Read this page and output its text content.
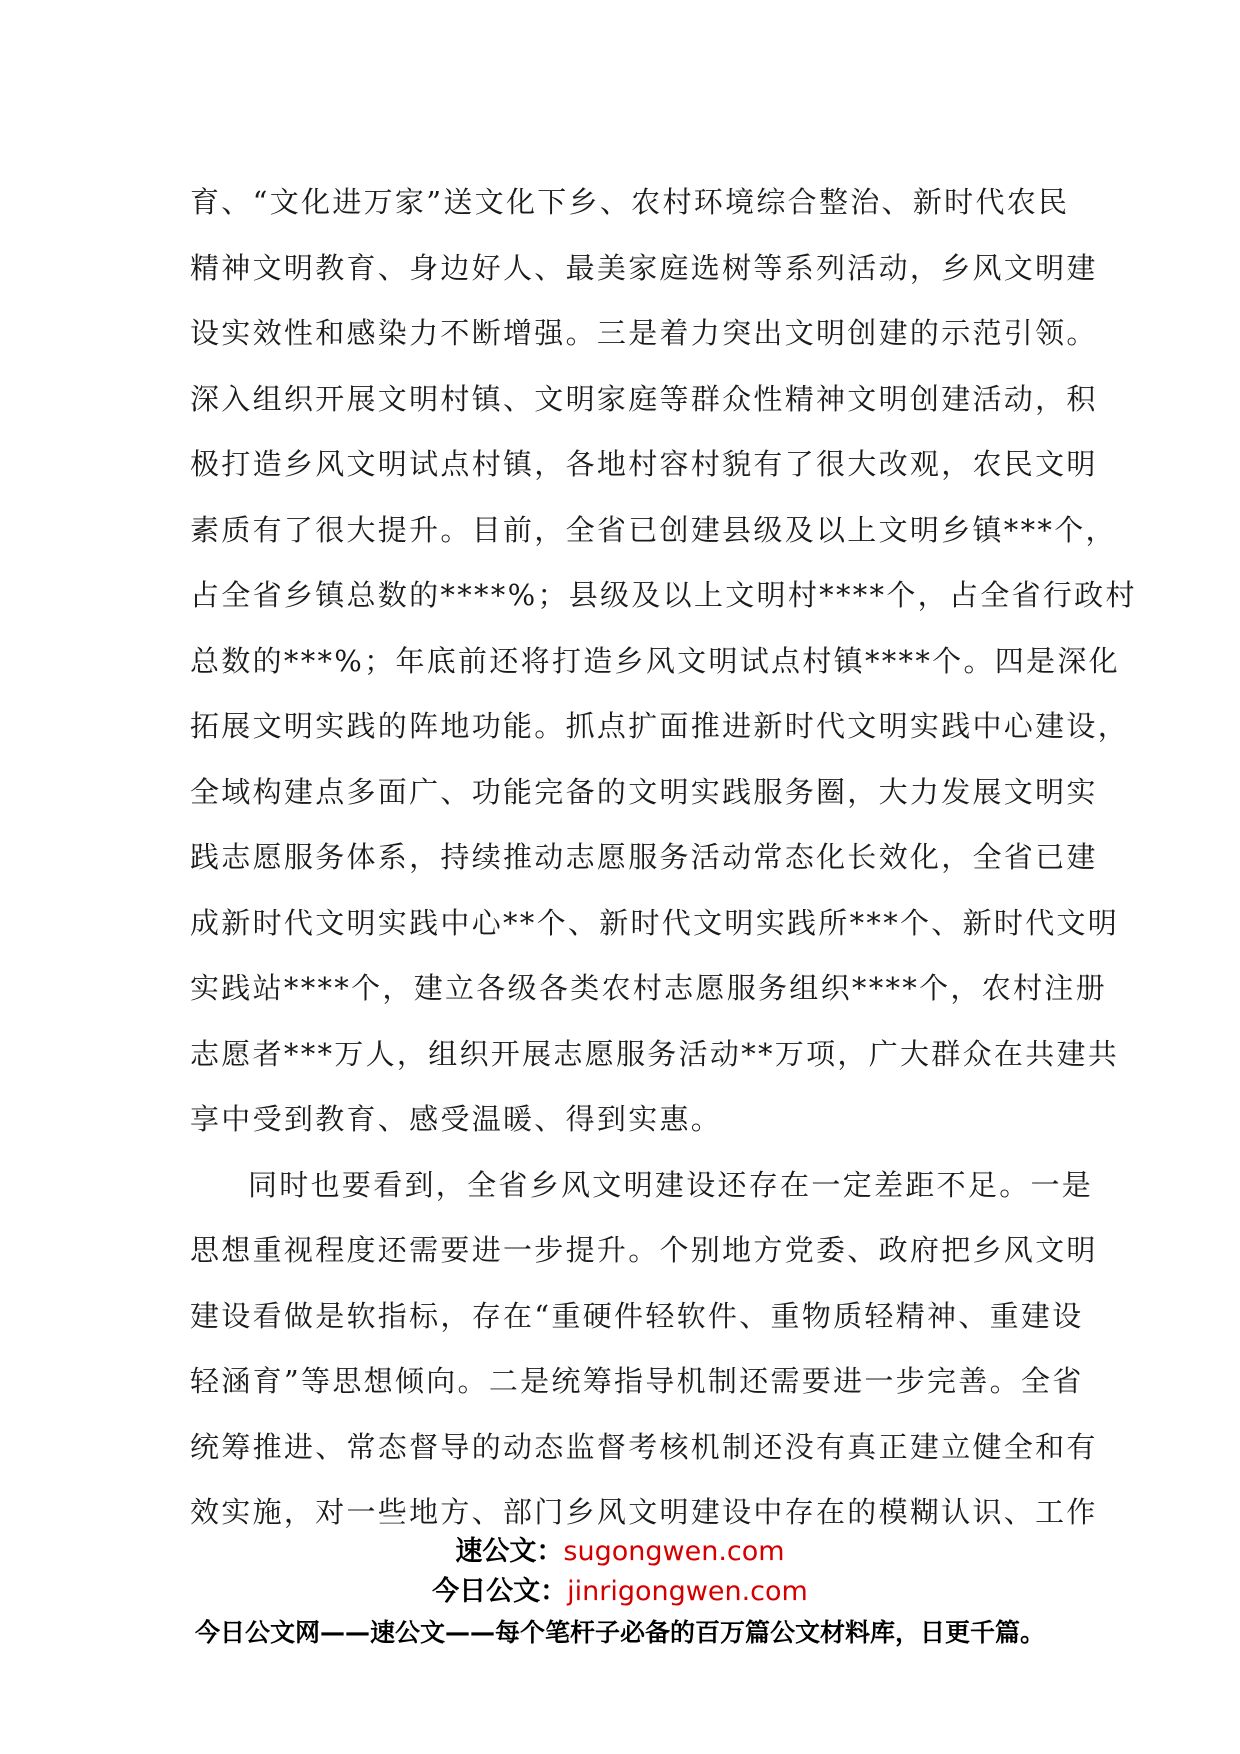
育、“文化进万家”送文化下乡、农村环境综合整治、新时代农民
精神文明教育、身边好人、最美家庭选树等系列活动，乡风文明建
设实效性和感染力不断增强。三是着力突出文明创建的示范引领。
深入组织开展文明村镇、文明家庭等群众性精神文明创建活动，积
极打造乡风文明试点村镇，各地村容村貌有了很大改观，农民文明
素质有了很大提升。目前，全省已创建县级及以上文明乡镇***个，
占全省乡镇总数的****%；县级及以上文明村****个，占全省行政村
总数的***%；年底前还将打造乡风文明试点村镇****个。四是深化
拓展文明实践的阵地功能。抓点扩面推进新时代文明实践中心建设，
全域构建点多面广、功能完备的文明实践服务圈，大力发展文明实
践志愿服务体系，持续推动志愿服务活动常态化长效化，全省已建
成新时代文明实践中心**个、新时代文明实践所***个、新时代文明
实践站****个，建立各级各类农村志愿服务组织****个，农村注册
志愿者***万人，组织开展志愿服务活动**万项，广大群众在共建共
享中受到教育、感受温暖、得到实惠。
同时也要看到，全省乡风文明建设还存在一定差距不足。一是
思想重视程度还需要进一步提升。个别地方党委、政府把乡风文明
建设看做是软指标，存在“重硬件轻软件、重物质轻精神、重建设
轻涵育”等思想倾向。二是统筹指导机制还需要进一步完善。全省
统筹推进、常态督导的动态监督考核机制还没有真正建立健全和有
效实施，对一些地方、部门乡风文明建设中存在的模糊认识、工作
速公文：sugongwen.com
今日公文：jinrigongwen.com
今日公文网——速公文——每个笔杆子必备的百万篇公文材料库，日更千篇。
